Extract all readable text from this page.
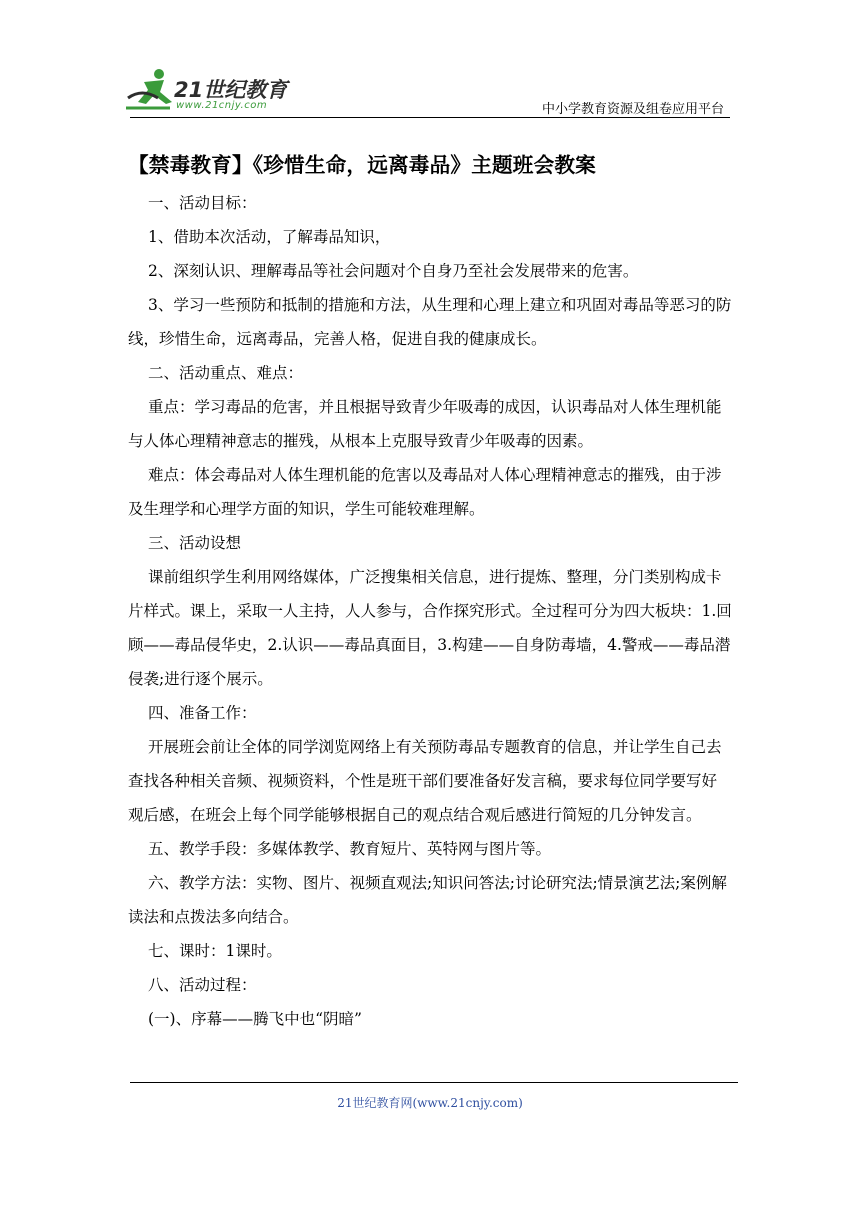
21世纪教育
www.21cnjy.com	中小学教育资源及组卷应用平台
【禁毒教育】《珍惜生命，远离毒品》主题班会教案

一、活动目标：

1、借助本次活动，了解毒品知识，

2、深刻认识、理解毒品等社会问题对个自身乃至社会发展带来的危害。

3、学习一些预防和抵制的措施和方法，从生理和心理上建立和巩固对毒品等恶习的防线，珍惜生命，远离毒品，完善人格，促进自我的健康成长。

二、活动重点、难点：

重点：学习毒品的危害，并且根据导致青少年吸毒的成因，认识毒品对人体生理机能与人体心理精神意志的摧残，从根本上克服导致青少年吸毒的因素。

难点：体会毒品对人体生理机能的危害以及毒品对人体心理精神意志的摧残，由于涉及生理学和心理学方面的知识，学生可能较难理解。

三、活动设想

课前组织学生利用网络媒体，广泛搜集相关信息，进行提炼、整理，分门类别构成卡片样式。课上，采取一人主持，人人参与，合作探究形式。全过程可分为四大板块：1.回顾——毒品侵华史，2.认识——毒品真面目，3.构建——自身防毒墙，4.警戒——毒品潜侵袭;进行逐个展示。

四、准备工作：

开展班会前让全体的同学浏览网络上有关预防毒品专题教育的信息，并让学生自己去查找各种相关音频、视频资料，个性是班干部们要准备好发言稿，要求每位同学要写好观后感，在班会上每个同学能够根据自己的观点结合观后感进行简短的几分钟发言。

五、教学手段：多媒体教学、教育短片、英特网与图片等。

六、教学方法：实物、图片、视频直观法;知识问答法;讨论研究法;情景演艺法;案例解读法和点拨法多向结合。

七、课时：1课时。

八、活动过程：

(一)、序幕——腾飞中也“阴暗”

21世纪教育网(www.21cnjy.com)
